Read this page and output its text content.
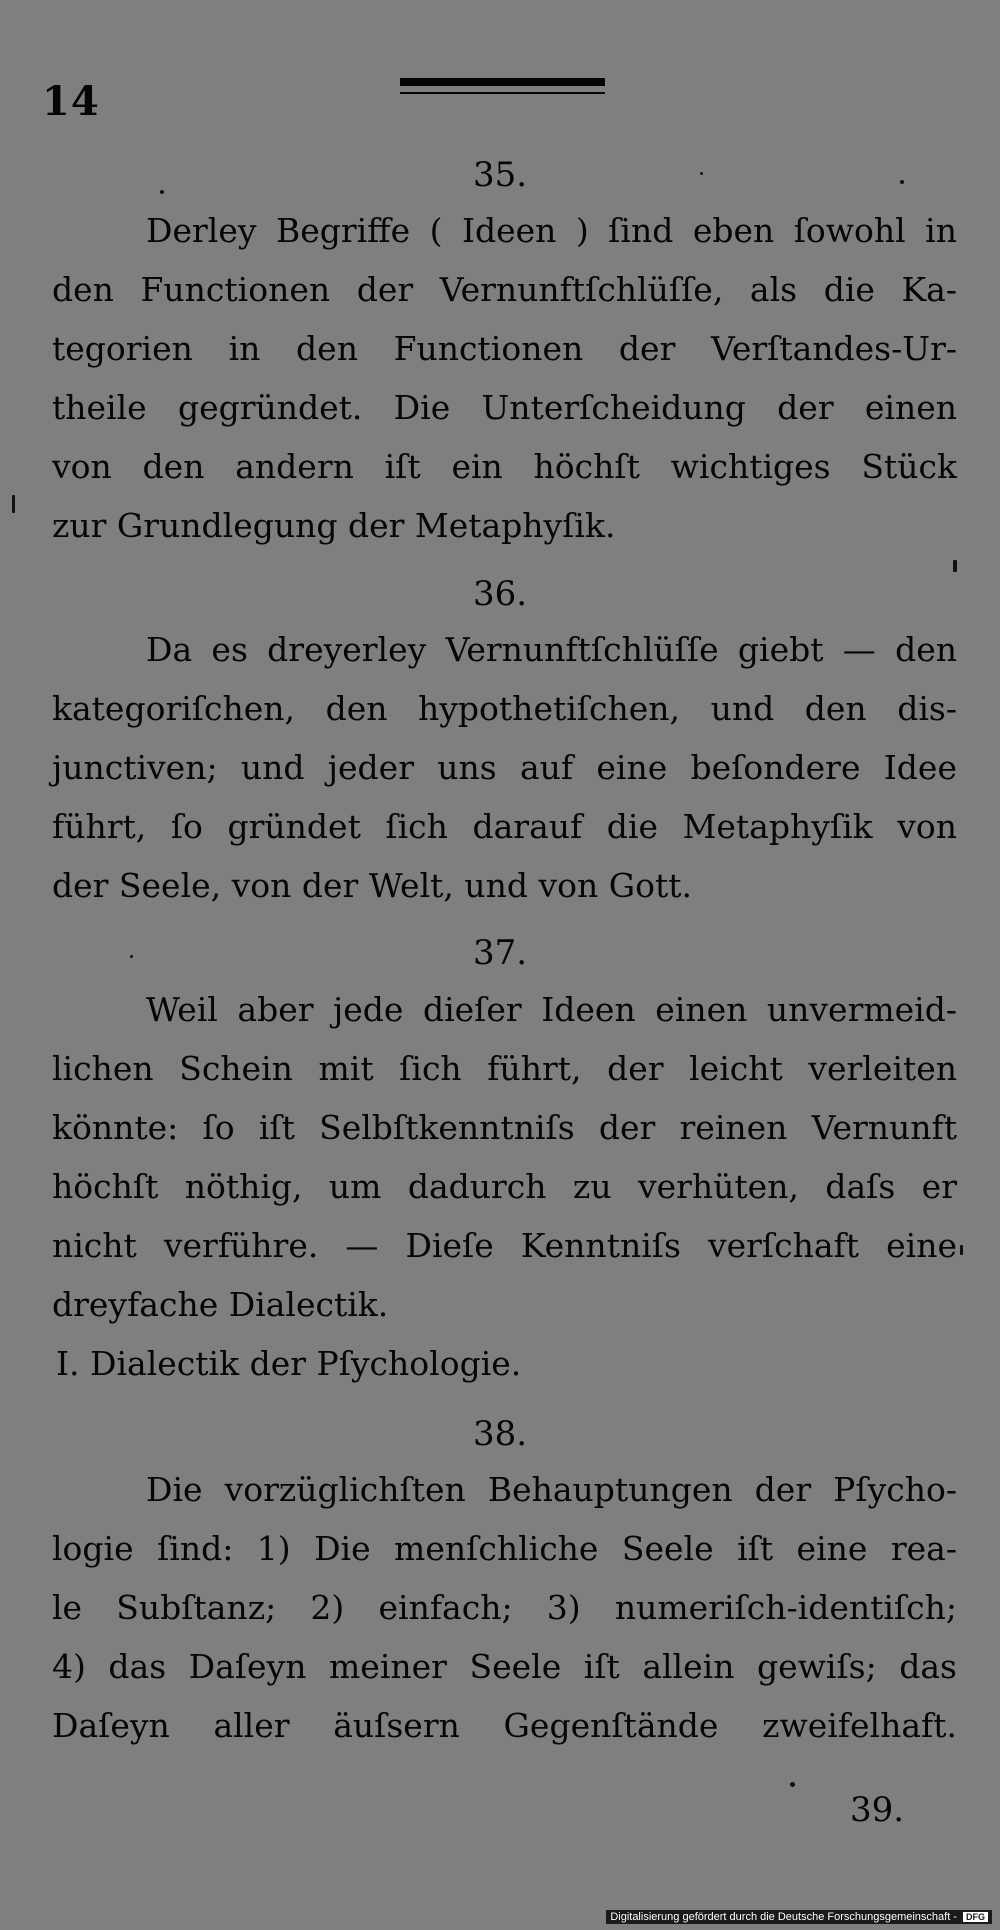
14
35.
Derley Begriffe ( Ideen ) ſind eben ſowohl in
den Functionen der Vernunftſchlüſſe, als die Ka-
tegorien in den Functionen der Verſtandes-Ur-
theile gegründet. Die Unterſcheidung der einen
von den andern iſt ein höchſt wichtiges Stück
zur Grundlegung der Metaphyſik.
36.
Da es dreyerley Vernunftſchlüſſe giebt — den
kategoriſchen, den hypothetiſchen, und den dis-
junctiven; und jeder uns auf eine beſondere Idee
führt, ſo gründet ſich darauf die Metaphyſik von
der Seele, von der Welt, und von Gott.
37.
Weil aber jede dieſer Ideen einen unvermeid-
lichen Schein mit ſich führt, der leicht verleiten
könnte: ſo iſt Selbſtkenntniſs der reinen Vernunft
höchſt nöthig, um dadurch zu verhüten, daſs er
nicht verführe. — Dieſe Kenntniſs verſchaft eine
dreyfache Dialectik.
I. Dialectik der Pſychologie.
38.
Die vorzüglichſten Behauptungen der Pſycho-
logie ſind: 1) Die menſchliche Seele iſt eine rea-
le Subſtanz; 2) einfach; 3) numeriſch-identiſch;
4) das Daſeyn meiner Seele iſt allein gewiſs; das
Daſeyn aller äuſsern Gegenſtände zweifelhaft.
39.
Digitalisierung gefördert durch die Deutsche Forschungsgemeinschaft -	DFG
